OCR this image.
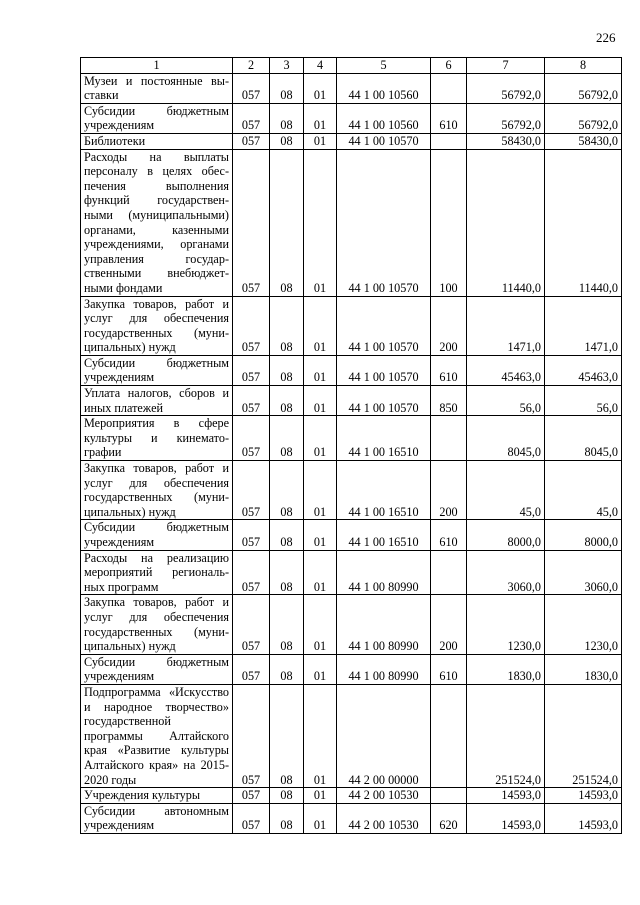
226
1	2	3	4	5	6	7	8
Музеи и постоянные выставки	057	08	01	44 1 00 10560		56792,0	56792,0
Субсидии бюджетным учреждениям	057	08	01	44 1 00 10560	610	56792,0	56792,0
Библиотеки	057	08	01	44 1 00 10570		58430,0	58430,0
Расходы на выплаты персоналу в целях обеспечения выполнения функций государственными (муниципальными) органами, казенными учреждениями, органами управления государственными внебюджетными фондами	057	08	01	44 1 00 10570	100	11440,0	11440,0
Закупка товаров, работ и услуг для обеспечения государственных (муниципальных) нужд	057	08	01	44 1 00 10570	200	1471,0	1471,0
Субсидии бюджетным учреждениям	057	08	01	44 1 00 10570	610	45463,0	45463,0
Уплата налогов, сборов и иных платежей	057	08	01	44 1 00 10570	850	56,0	56,0
Мероприятия в сфере культуры и кинематографии	057	08	01	44 1 00 16510		8045,0	8045,0
Закупка товаров, работ и услуг для обеспечения государственных (муниципальных) нужд	057	08	01	44 1 00 16510	200	45,0	45,0
Субсидии бюджетным учреждениям	057	08	01	44 1 00 16510	610	8000,0	8000,0
Расходы на реализацию мероприятий региональных программ	057	08	01	44 1 00 80990		3060,0	3060,0
Закупка товаров, работ и услуг для обеспечения государственных (муниципальных) нужд	057	08	01	44 1 00 80990	200	1230,0	1230,0
Субсидии бюджетным учреждениям	057	08	01	44 1 00 80990	610	1830,0	1830,0
Подпрограмма «Искусство и народное творчество» государственной программы Алтайского края «Развитие культуры Алтайского края» на 2015-2020 годы	057	08	01	44 2 00 00000		251524,0	251524,0
Учреждения культуры	057	08	01	44 2 00 10530		14593,0	14593,0
Субсидии автономным учреждениям	057	08	01	44 2 00 10530	620	14593,0	14593,0
